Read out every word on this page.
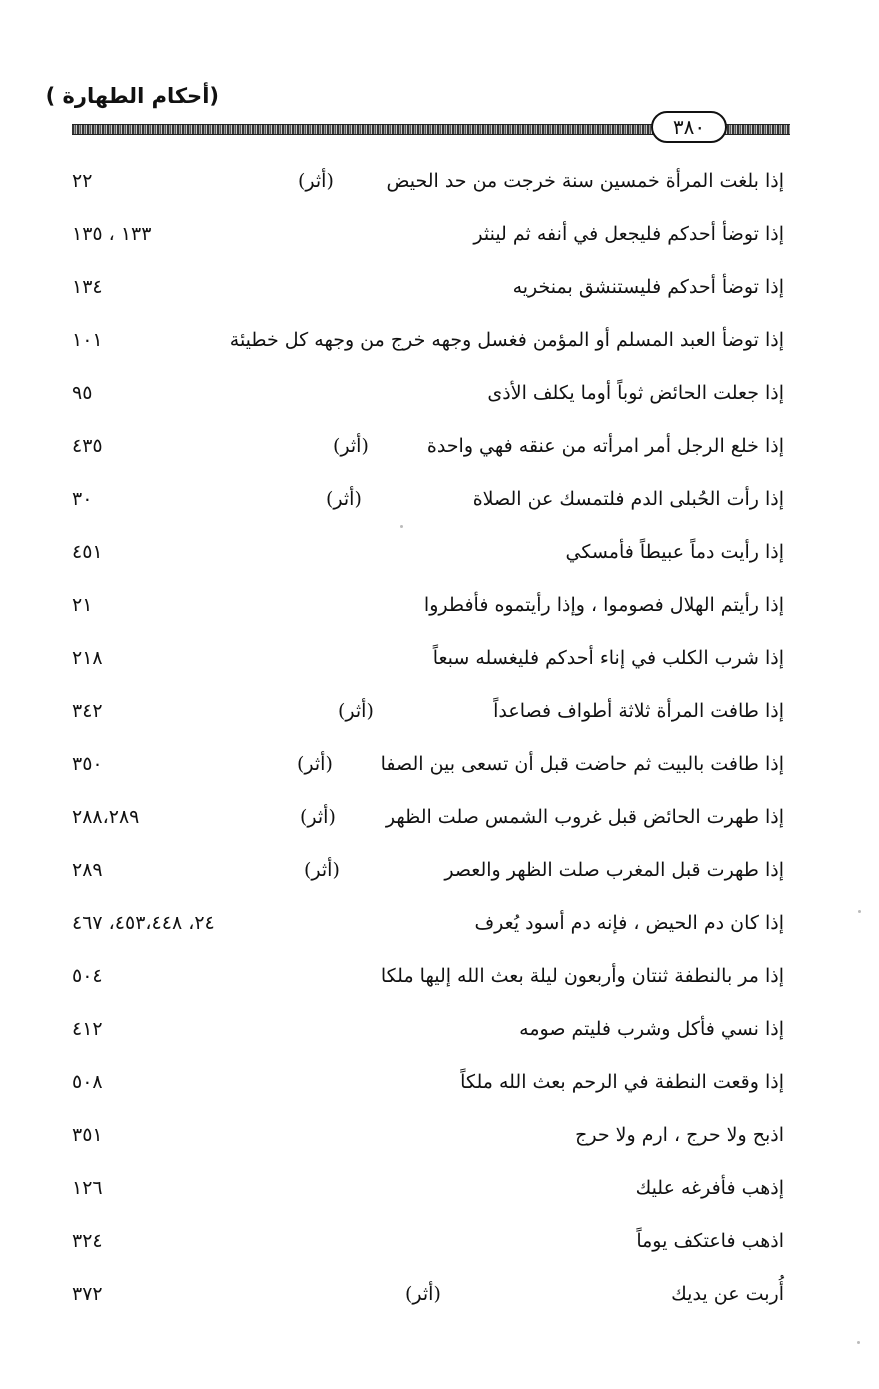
(أحكام الطهارة )
٣٨٠
إذا بلغت المرأة خمسين سنة خرجت من حد الحيض
(أثر)
٢٢
إذا توضأ أحدكم فليجعل في أنفه ثم لينثر
١٣٣ ، ١٣٥
إذا توضأ أحدكم فليستنشق بمنخريه
١٣٤
إذا توضأ العبد المسلم أو المؤمن فغسل وجهه خرج من وجهه كل خطيئة
١٠١
إذا جعلت الحائض ثوباً أوما يكلف الأذى
٩٥
إذا خلع الرجل أمر امرأته من عنقه فهي واحدة
(أثر)
٤٣٥
إذا رأت الحُبلى الدم فلتمسك عن الصلاة
(أثر)
٣٠
إذا رأيت دماً عبيطاً فأمسكي
٤٥١
إذا رأيتم الهلال فصوموا ، وإذا رأيتموه فأفطروا
٢١
إذا شرب الكلب في إناء أحدكم فليغسله سبعاً
٢١٨
إذا طافت المرأة ثلاثة أطواف فصاعداً
(أثر)
٣٤٢
إذا طافت بالبيت ثم حاضت قبل أن تسعى بين الصفا
(أثر)
٣٥٠
إذا طهرت الحائض قبل غروب الشمس صلت الظهر
(أثر)
٢٨٨،٢٨٩
إذا طهرت قبل المغرب صلت الظهر والعصر
(أثر)
٢٨٩
إذا كان دم الحيض ، فإنه دم أسود يُعرف
٢٤، ٤٥٣،٤٤٨، ٤٦٧
إذا مر بالنطفة ثنتان وأربعون ليلة بعث الله إليها ملكا
٥٠٤
إذا نسي فأكل وشرب فليتم صومه
٤١٢
إذا وقعت النطفة في الرحم بعث الله ملكاً
٥٠٨
اذبح ولا حرج ، ارم ولا حرج
٣٥١
إذهب فأفرغه عليك
١٢٦
اذهب فاعتكف يوماً
٣٢٤
أُربت عن يديك
(أثر)
٣٧٢
